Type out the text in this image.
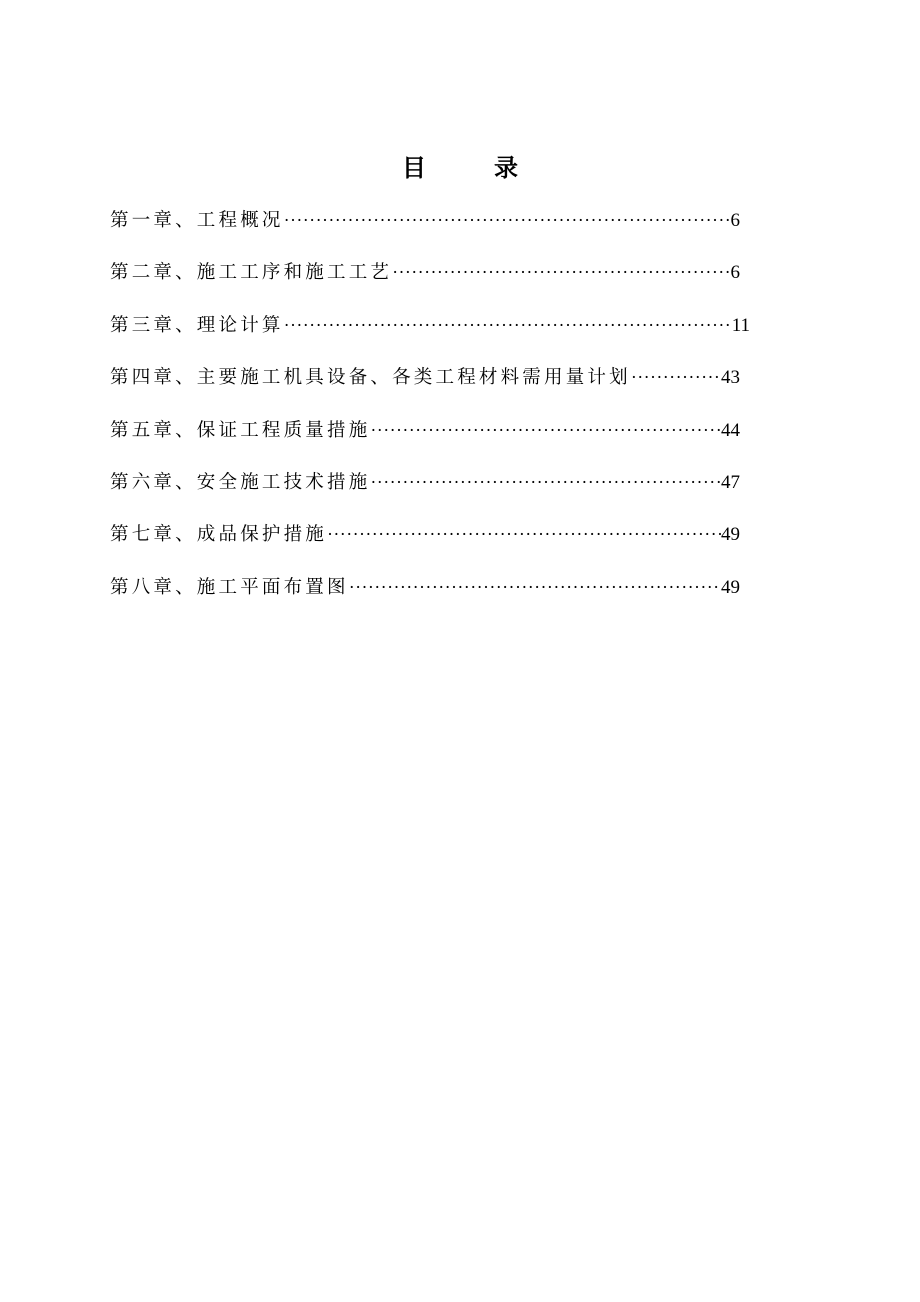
目	录
第一章、工程概况 ·····	6
第二章、施工工序和施工工艺 ·····	6
第三章、理论计算 ·····	11
第四章、主要施工机具设备、各类工程材料需用量计划 ·····	43
第五章、保证工程质量措施 ·····	44
第六章、安全施工技术措施 ·····	47
第七章、成品保护措施 ·····	49
第八章、施工平面布置图 ·····	49
